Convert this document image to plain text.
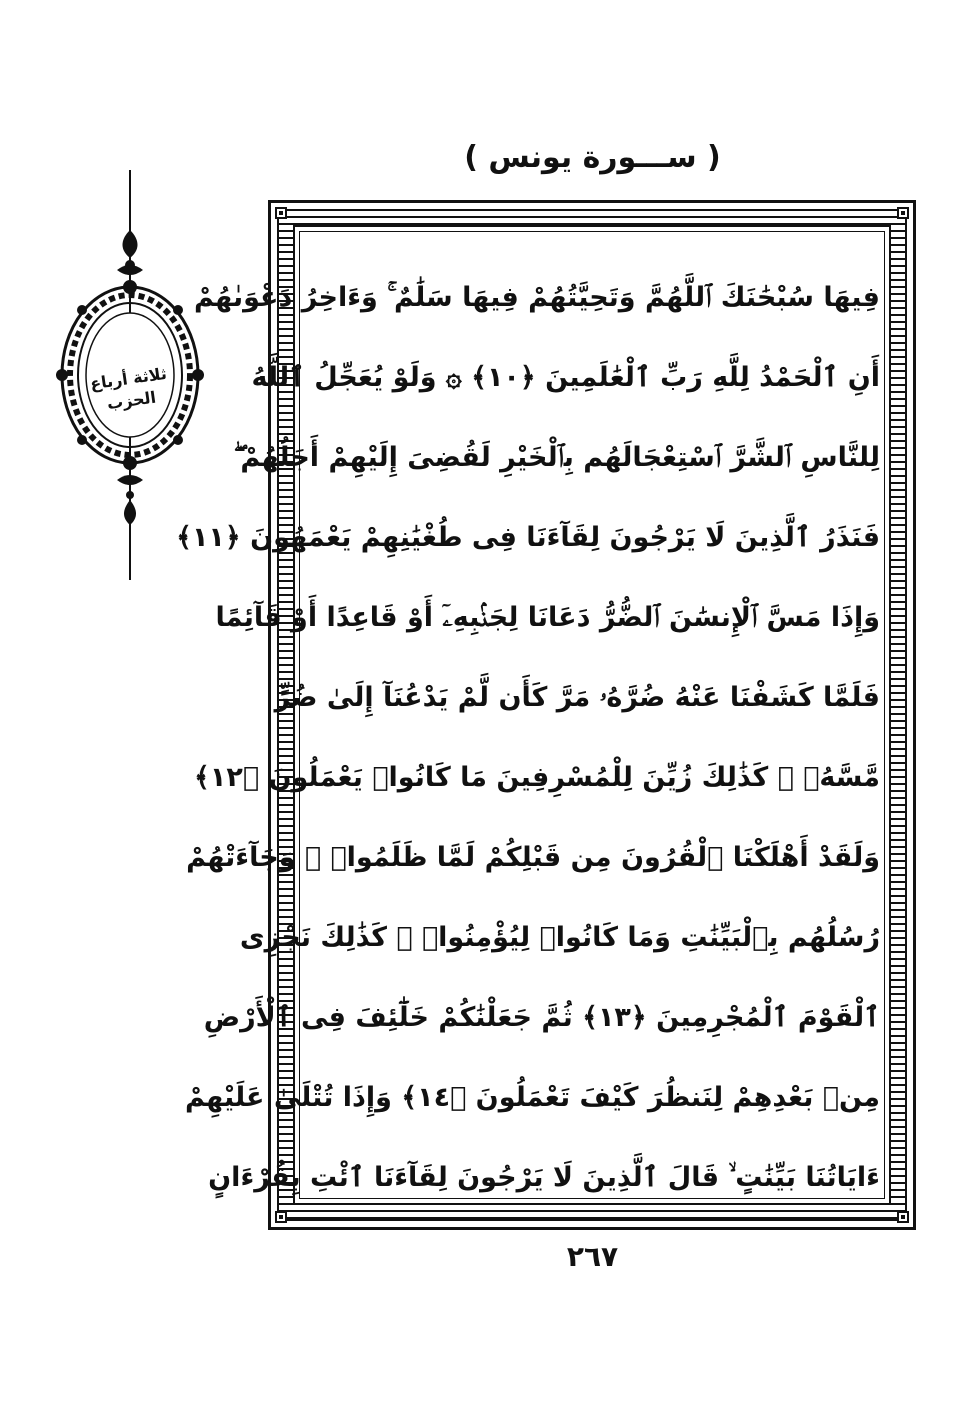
( ســـورة يونس )
ثلاثة أرباع الحزب
فِيهَا سُبْحَٰنَكَ ٱللَّهُمَّ وَتَحِيَّتُهُمْ فِيهَا سَلَٰمٌ ۚ وَءَاخِرُ دَعْوَىٰهُمْ
أَنِ ٱلْحَمْدُ لِلَّهِ رَبِّ ٱلْعَٰلَمِينَ ﴿١٠﴾ ۞ وَلَوْ يُعَجِّلُ ٱللَّهُ
لِلنَّاسِ ٱلشَّرَّ ٱسْتِعْجَالَهُم بِٱلْخَيْرِ لَقُضِىَ إِلَيْهِمْ أَجَلُهُمْ ۖ
فَنَذَرُ ٱلَّذِينَ لَا يَرْجُونَ لِقَآءَنَا فِى طُغْيَٰنِهِمْ يَعْمَهُونَ ﴿١١﴾
وَإِذَا مَسَّ ٱلْإِنسَٰنَ ٱلضُّرُّ دَعَانَا لِجَنۢبِهِۦٓ أَوْ قَاعِدًا أَوْ قَآئِمًا
فَلَمَّا كَشَفْنَا عَنْهُ ضُرَّهُۥ مَرَّ كَأَن لَّمْ يَدْعُنَآ إِلَىٰ ضُرٍّ
مَّسَّهُۥ ۚ كَذَٰلِكَ زُيِّنَ لِلْمُسْرِفِينَ مَا كَانُوا۟ يَعْمَلُونَ ﴿١٢﴾
وَلَقَدْ أَهْلَكْنَا ٱلْقُرُونَ مِن قَبْلِكُمْ لَمَّا ظَلَمُوا۟ ۙ وَجَآءَتْهُمْ
رُسُلُهُم بِٱلْبَيِّنَٰتِ وَمَا كَانُوا۟ لِيُؤْمِنُوا۟ ۚ كَذَٰلِكَ نَجْزِى
ٱلْقَوْمَ ٱلْمُجْرِمِينَ ﴿١٣﴾ ثُمَّ جَعَلْنَٰكُمْ خَلَٰٓئِفَ فِى ٱلْأَرْضِ
مِنۢ بَعْدِهِمْ لِنَنظُرَ كَيْفَ تَعْمَلُونَ ﴿١٤﴾ وَإِذَا تُتْلَىٰ عَلَيْهِمْ
ءَايَاتُنَا بَيِّنَٰتٍ ۙ قَالَ ٱلَّذِينَ لَا يَرْجُونَ لِقَآءَنَا ٱئْتِ بِقُرْءَانٍ
٢٦٧
